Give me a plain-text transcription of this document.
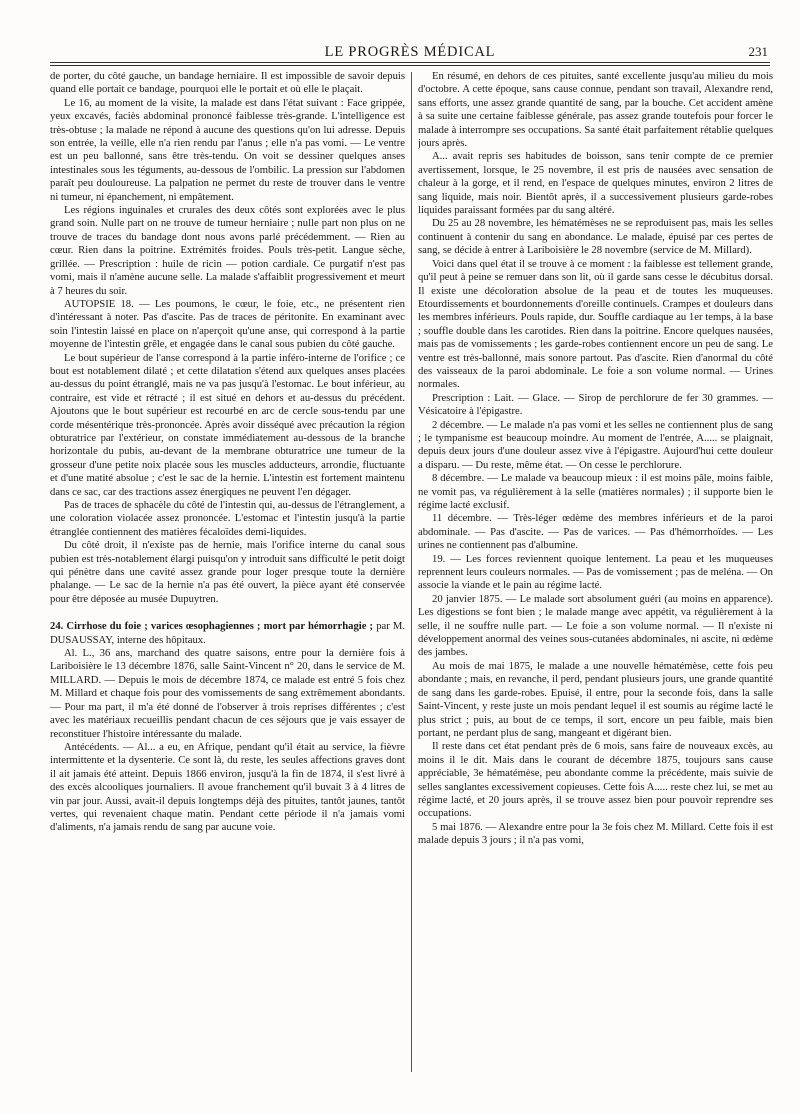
LE PROGRÈS MÉDICAL	231

de porter, du côté gauche, un bandage herniaire. Il est impossible de savoir depuis quand elle portait ce bandage, pourquoi elle le portait et où elle le plaçait.

Le 16, au moment de la visite, la malade est dans l'état suivant : Face grippée, yeux excavés, faciès abdominal prononcé faiblesse très-grande. L'intelligence est très-obtuse ; la malade ne répond à aucune des questions qu'on lui adresse. Depuis son entrée, la veille, elle n'a rien rendu par l'anus ; elle n'a pas vomi. — Le ventre est un peu ballonné, sans être très-tendu. On voit se dessiner quelques anses intestinales sous les téguments, au-dessous de l'ombilic. La pression sur l'abdomen paraît peu douloureuse. La palpation ne permet du reste de trouver dans le ventre ni tumeur, ni épanchement, ni empâtement.

Les régions inguinales et crurales des deux côtés sont explorées avec le plus grand soin. Nulle part on ne trouve de tumeur herniaire ; nulle part non plus on ne trouve de traces du bandage dont nous avons parlé précédemment. — Rien au cœur. Rien dans la poitrine. Extrémités froides. Pouls très-petit. Langue sèche, grillée. — Prescription : huile de ricin — potion cardiale. Ce purgatif n'est pas vomi, mais il n'amène aucune selle. La malade s'affaiblit progressivement et meurt à 7 heures du soir.

AUTOPSIE 18. — Les poumons, le cœur, le foie, etc., ne présentent rien d'intéressant à noter. Pas d'ascite. Pas de traces de péritonite. En examinant avec soin l'intestin laissé en place on n'aperçoit qu'une anse, qui correspond à la partie moyenne de l'intestin grêle, et engagée dans le canal sous pubien du côté gauche.

Le bout supérieur de l'anse correspond à la partie inféro-interne de l'orifice ; ce bout est notablement dilaté ; et cette dilatation s'étend aux quelques anses placées au-dessus du point étranglé, mais ne va pas jusqu'à l'estomac. Le bout inférieur, au contraire, est vide et rétracté ; il est situé en dehors et au-dessus du précédent. Ajoutons que le bout supérieur est recourbé en arc de cercle sous-tendu par une corde mésentérique très-prononcée. Après avoir disséqué avec précaution la région obturatrice par l'extérieur, on constate immédiatement au-dessous de la branche horizontale du pubis, au-devant de la membrane obturatrice une tumeur de la grosseur d'une petite noix placée sous les muscles adducteurs, arrondie, fluctuante et d'une matité absolue ; c'est le sac de la hernie. L'intestin est fortement maintenu dans ce sac, car des tractions assez énergiques ne peuvent l'en dégager.

Pas de traces de sphacèle du côté de l'intestin qui, au-dessus de l'étranglement, a une coloration violacée assez prononcée. L'estomac et l'intestin jusqu'à la partie étranglée contiennent des matières fécaloïdes demi-liquides.

Du côté droit, il n'existe pas de hernie, mais l'orifice interne du canal sous pubien est très-notablement élargi puisqu'on y introduit sans difficulté le petit doigt qui pénètre dans une cavité assez grande pour loger presque toute la dernière phalange. — Le sac de la hernie n'a pas été ouvert, la pièce ayant été conservée pour être déposée au musée Dupuytren.

24. Cirrhose du foie ; varices œsophagiennes ; mort par hémorrhagie ; par M. DUSAUSSAY, interne des hôpitaux.

Al. L., 36 ans, marchand des quatre saisons, entre pour la dernière fois à Lariboisière le 13 décembre 1876, salle Saint-Vincent n° 20, dans le service de M. MILLARD. — Depuis le mois de décembre 1874, ce malade est entré 5 fois chez M. Millard et chaque fois pour des vomissements de sang extrêmement abondants. — Pour ma part, il m'a été donné de l'observer à trois reprises différentes ; c'est avec les matériaux recueillis pendant chacun de ces séjours que je vais essayer de reconstituer l'histoire intéressante du malade.

Antécédents. — Al... a eu, en Afrique, pendant qu'il était au service, la fièvre intermittente et la dysenterie. Ce sont là, du reste, les seules affections graves dont il ait jamais été atteint. Depuis 1866 environ, jusqu'à la fin de 1874, il s'est livré à des excès alcooliques journaliers. Il avoue franchement qu'il buvait 3 à 4 litres de vin par jour. Aussi, avait-il depuis longtemps déjà des pituites, tantôt jaunes, tantôt vertes, qui revenaient chaque matin. Pendant cette période il n'a jamais vomi d'aliments, n'a jamais rendu de sang par aucune voie.

En résumé, en dehors de ces pituites, santé excellente jusqu'au milieu du mois d'octobre. A cette époque, sans cause connue, pendant son travail, Alexandre rend, sans efforts, une assez grande quantité de sang, par la bouche. Cet accident amène à sa suite une certaine faiblesse générale, pas assez grande toutefois pour forcer le malade à interrompre ses occupations. Sa santé était parfaitement rétablie quelques jours après.

A... avait repris ses habitudes de boisson, sans tenir compte de ce premier avertissement, lorsque, le 25 novembre, il est pris de nausées avec sensation de chaleur à la gorge, et il rend, en l'espace de quelques minutes, environ 2 litres de sang liquide, mais noir. Bientôt après, il a successivement plusieurs garde-robes liquides paraissant formées par du sang altéré.

Du 25 au 28 novembre, les hématémèses ne se reproduisent pas, mais les selles continuent à contenir du sang en abondance. Le malade, épuisé par ces pertes de sang, se décide à entrer à Lariboisière le 28 novembre (service de M. Millard).

Voici dans quel état il se trouve à ce moment : la faiblesse est tellement grande, qu'il peut à peine se remuer dans son lit, où il garde sans cesse le décubitus dorsal. Il existe une décoloration absolue de la peau et de toutes les muqueuses. Etourdissements et bourdonnements d'oreille continuels. Crampes et douleurs dans les membres inférieurs. Pouls rapide, dur. Souffle cardiaque au 1er temps, à la base ; souffle double dans les carotides. Rien dans la poitrine. Encore quelques nausées, mais pas de vomissements ; les garde-robes contiennent encore un peu de sang. Le ventre est très-ballonné, mais sonore partout. Pas d'ascite. Rien d'anormal du côté des vaisseaux de la paroi abdominale. Le foie a son volume normal. — Urines normales.

Prescription : Lait. — Glace. — Sirop de perchlorure de fer 30 grammes. — Vésicatoire à l'épigastre.

2 décembre. — Le malade n'a pas vomi et les selles ne contiennent plus de sang ; le tympanisme est beaucoup moindre. Au moment de l'entrée, A..... se plaignait, depuis deux jours d'une douleur assez vive à l'épigastre. Aujourd'hui cette douleur a disparu. — Du reste, même état. — On cesse le perchlorure.

8 décembre. — Le malade va beaucoup mieux : il est moins pâle, moins faible, ne vomit pas, va régulièrement à la selle (matières normales) ; il supporte bien le régime lacté exclusif.

11 décembre. — Très-léger œdème des membres inférieurs et de la paroi abdominale. — Pas d'ascite. — Pas de varices. — Pas d'hémorrhoïdes. — Les urines ne contiennent pas d'albumine.

19. — Les forces reviennent quoique lentement. La peau et les muqueuses reprennent leurs couleurs normales. — Pas de vomissement ; pas de meléna. — On associe la viande et le pain au régime lacté.

20 janvier 1875. — Le malade sort absolument guéri (au moins en apparence). Les digestions se font bien ; le malade mange avec appétit, va régulièrement à la selle, il ne souffre nulle part. — Le foie a son volume normal. — Il n'existe ni développement anormal des veines sous-cutanées abdominales, ni ascite, ni œdème des jambes.

Au mois de mai 1875, le malade a une nouvelle hématémèse, cette fois peu abondante ; mais, en revanche, il perd, pendant plusieurs jours, une grande quantité de sang dans les garde-robes. Epuisé, il entre, pour la seconde fois, dans la salle Saint-Vincent, y reste juste un mois pendant lequel il est soumis au régime lacté le plus strict ; puis, au bout de ce temps, il sort, encore un peu faible, mais bien portant, ne perdant plus de sang, mangeant et digérant bien.

Il reste dans cet état pendant près de 6 mois, sans faire de nouveaux excès, au moins il le dit. Mais dans le courant de décembre 1875, toujours sans cause appréciable, 3e hématémèse, peu abondante comme la précédente, mais suivie de selles sanglantes excessivement copieuses. Cette fois A..... reste chez lui, se met au régime lacté, et 20 jours après, il se trouve assez bien pour pouvoir reprendre ses occupations.

5 mai 1876. — Alexandre entre pour la 3e fois chez M. Millard. Cette fois il est malade depuis 3 jours ; il n'a pas vomi,
